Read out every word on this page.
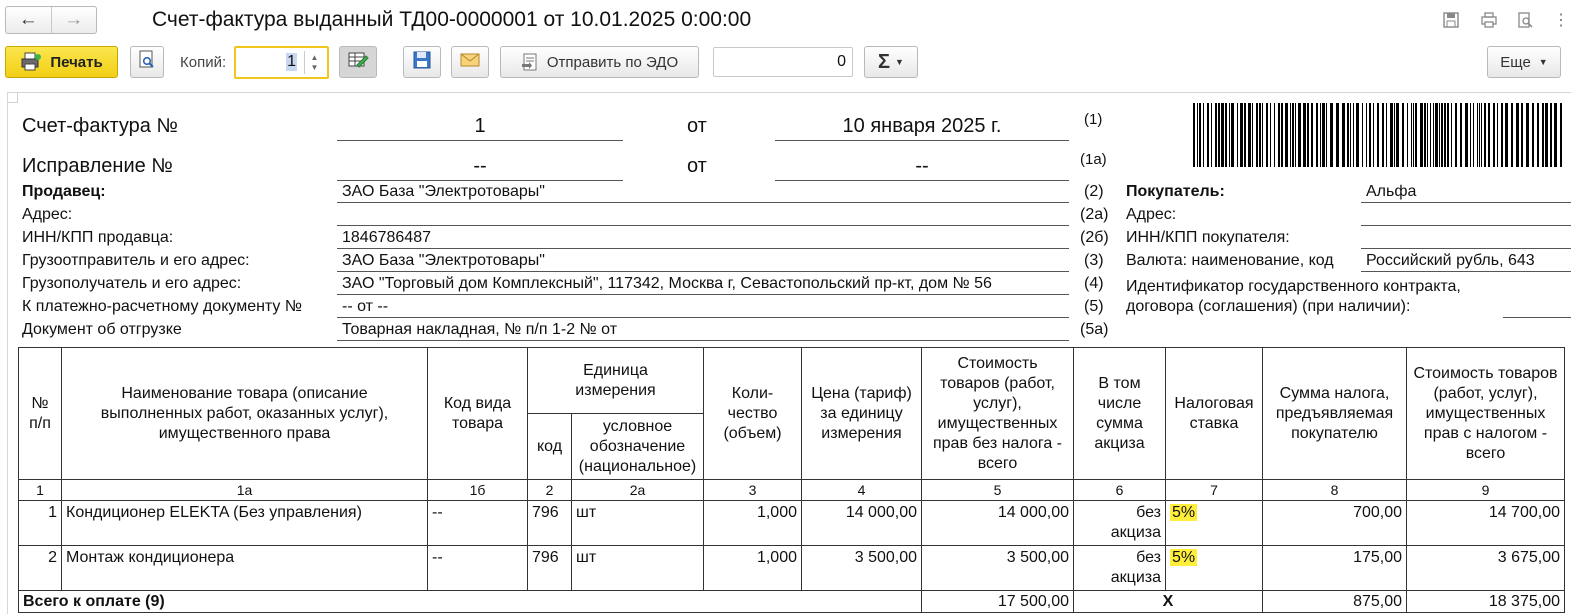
←	→	Счет-фактура выданный ТД00-0000001 от 10.01.2025 0:00:00	⋮
Печать	Копий:	1 ▲
▼	Отправить по ЭДО	0	Σ ▼	Еще ▼
Счет-фактура №	1	от	10 января 2025 г.	(1)
Исправление №	--	от	--	(1а)
Продавец:	ЗАО База "Электротовары"	(2)
Адрес:	(2а)
ИНН/КПП продавца:	1846786487	(2б)
Грузоотправитель и его адрес:	ЗАО База "Электротовары"	(3)
Грузополучатель и его адрес:	ЗАО "Торговый дом Комплексный", 117342, Москва г, Севастопольский пр-кт, дом № 56	(4)
К платежно-расчетному документу № -- от --	(5)
Документ об отгрузке	Товарная накладная, № п/п 1-2 № от	(5а)
Покупатель:	Альфа
Адрес:
ИНН/КПП покупателя:
Валюта: наименование, код Российский рубль, 643
Идентификатор государственного контракта,
договора (соглашения) (при наличии):
№ п/п	Наименование товара (описание выполненных работ, оказанных услуг), имущественного права	Код вида товара	Единица измерения		Коли-чество (объем)	Цена (тариф) за единицу измерения	Стоимость товаров (работ, услуг), имущественных прав без налога - всего	В том числе сумма акциза	Налоговая ставка	Сумма налога, предъявляемая покупателю	Стоимость товаров (работ, услуг), имущественных прав с налогом - всего
			код	условное обозначение (национальное)							
1	1а	1б	2	2а	3	4	5	6	7	8	9
1	Кондиционер ELEKTA (Без управления)	--	796	шт	1,000	14 000,00	14 000,00	без акциза	5%	700,00	14 700,00
2	Монтаж кондиционера	--	796	шт	1,000	3 500,00	3 500,00	без акциза	5%	175,00	3 675,00
Всего к оплате (9)							17 500,00	X		875,00	18 375,00
